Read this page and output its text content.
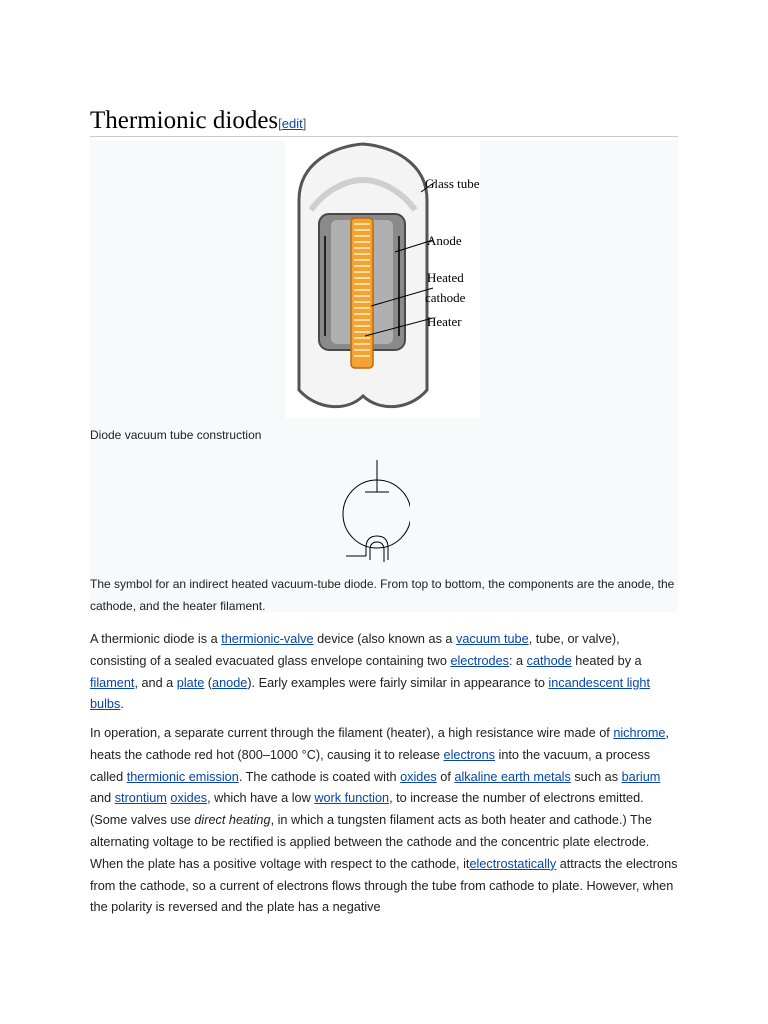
Thermionic diodes[edit]
Glass tube
Anode
Heated
cathode
Heater
Diode vacuum tube construction
The symbol for an indirect heated vacuum-tube diode. From top to bottom, the components are the anode, the cathode, and the heater filament.

A thermionic diode is a thermionic-valve device (also known as a vacuum tube, tube, or valve), consisting of a sealed evacuated glass envelope containing two electrodes: a cathode heated by a filament, and a plate (anode). Early examples were fairly similar in appearance to incandescent light bulbs.

In operation, a separate current through the filament (heater), a high resistance wire made of nichrome, heats the cathode red hot (800–1000 °C), causing it to release electrons into the vacuum, a process called thermionic emission. The cathode is coated with oxides of alkaline earth metals such as barium and strontium oxides, which have a low work function, to increase the number of electrons emitted. (Some valves use direct heating, in which a tungsten filament acts as both heater and cathode.) The alternating voltage to be rectified is applied between the cathode and the concentric plate electrode. When the plate has a positive voltage with respect to the cathode, itelectrostatically attracts the electrons from the cathode, so a current of electrons flows through the tube from cathode to plate. However, when the polarity is reversed and the plate has a negative
